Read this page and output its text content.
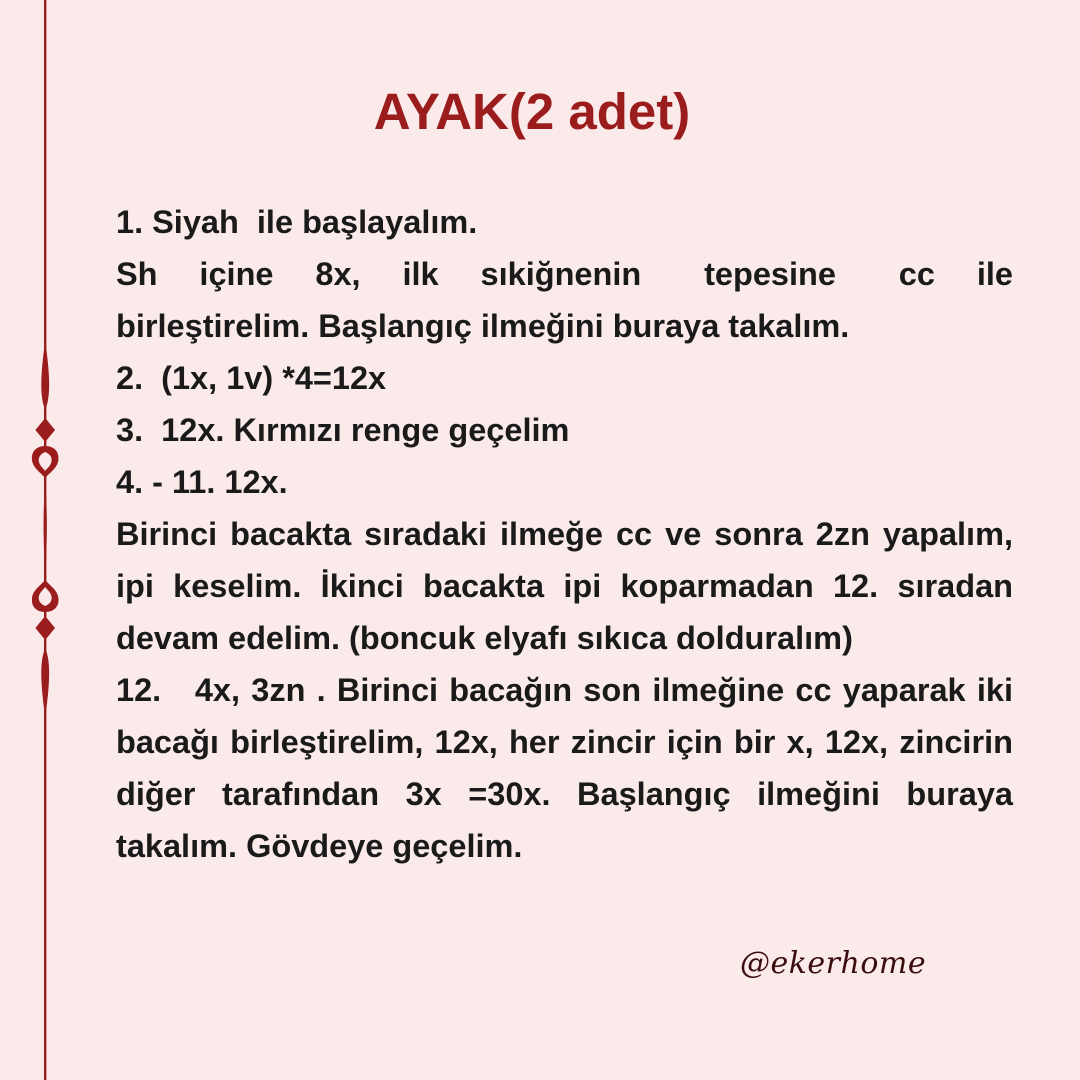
AYAK(2 adet)

1. Siyah  ile başlayalım.

Sh  içine  8x,  ilk  sıkiğnenin   tepesine   cc  ile birleştirelim. Başlangıç ilmeğini buraya takalım.

2.  (1x, 1v) *4=12x

3.  12x. Kırmızı renge geçelim

4. - 11. 12x.

Birinci bacakta sıradaki ilmeğe cc ve sonra 2zn yapalım, ipi keselim. İkinci bacakta ipi koparmadan 12. sıradan devam edelim. (boncuk elyafı sıkıca dolduralım)

12.   4x, 3zn . Birinci bacağın son ilmeğine cc yaparak iki bacağı birleştirelim, 12x, her zincir için bir x, 12x, zincirin diğer tarafından 3x =30x. Başlangıç ilmeğini buraya takalım. Gövdeye geçelim.

@ekerhome
